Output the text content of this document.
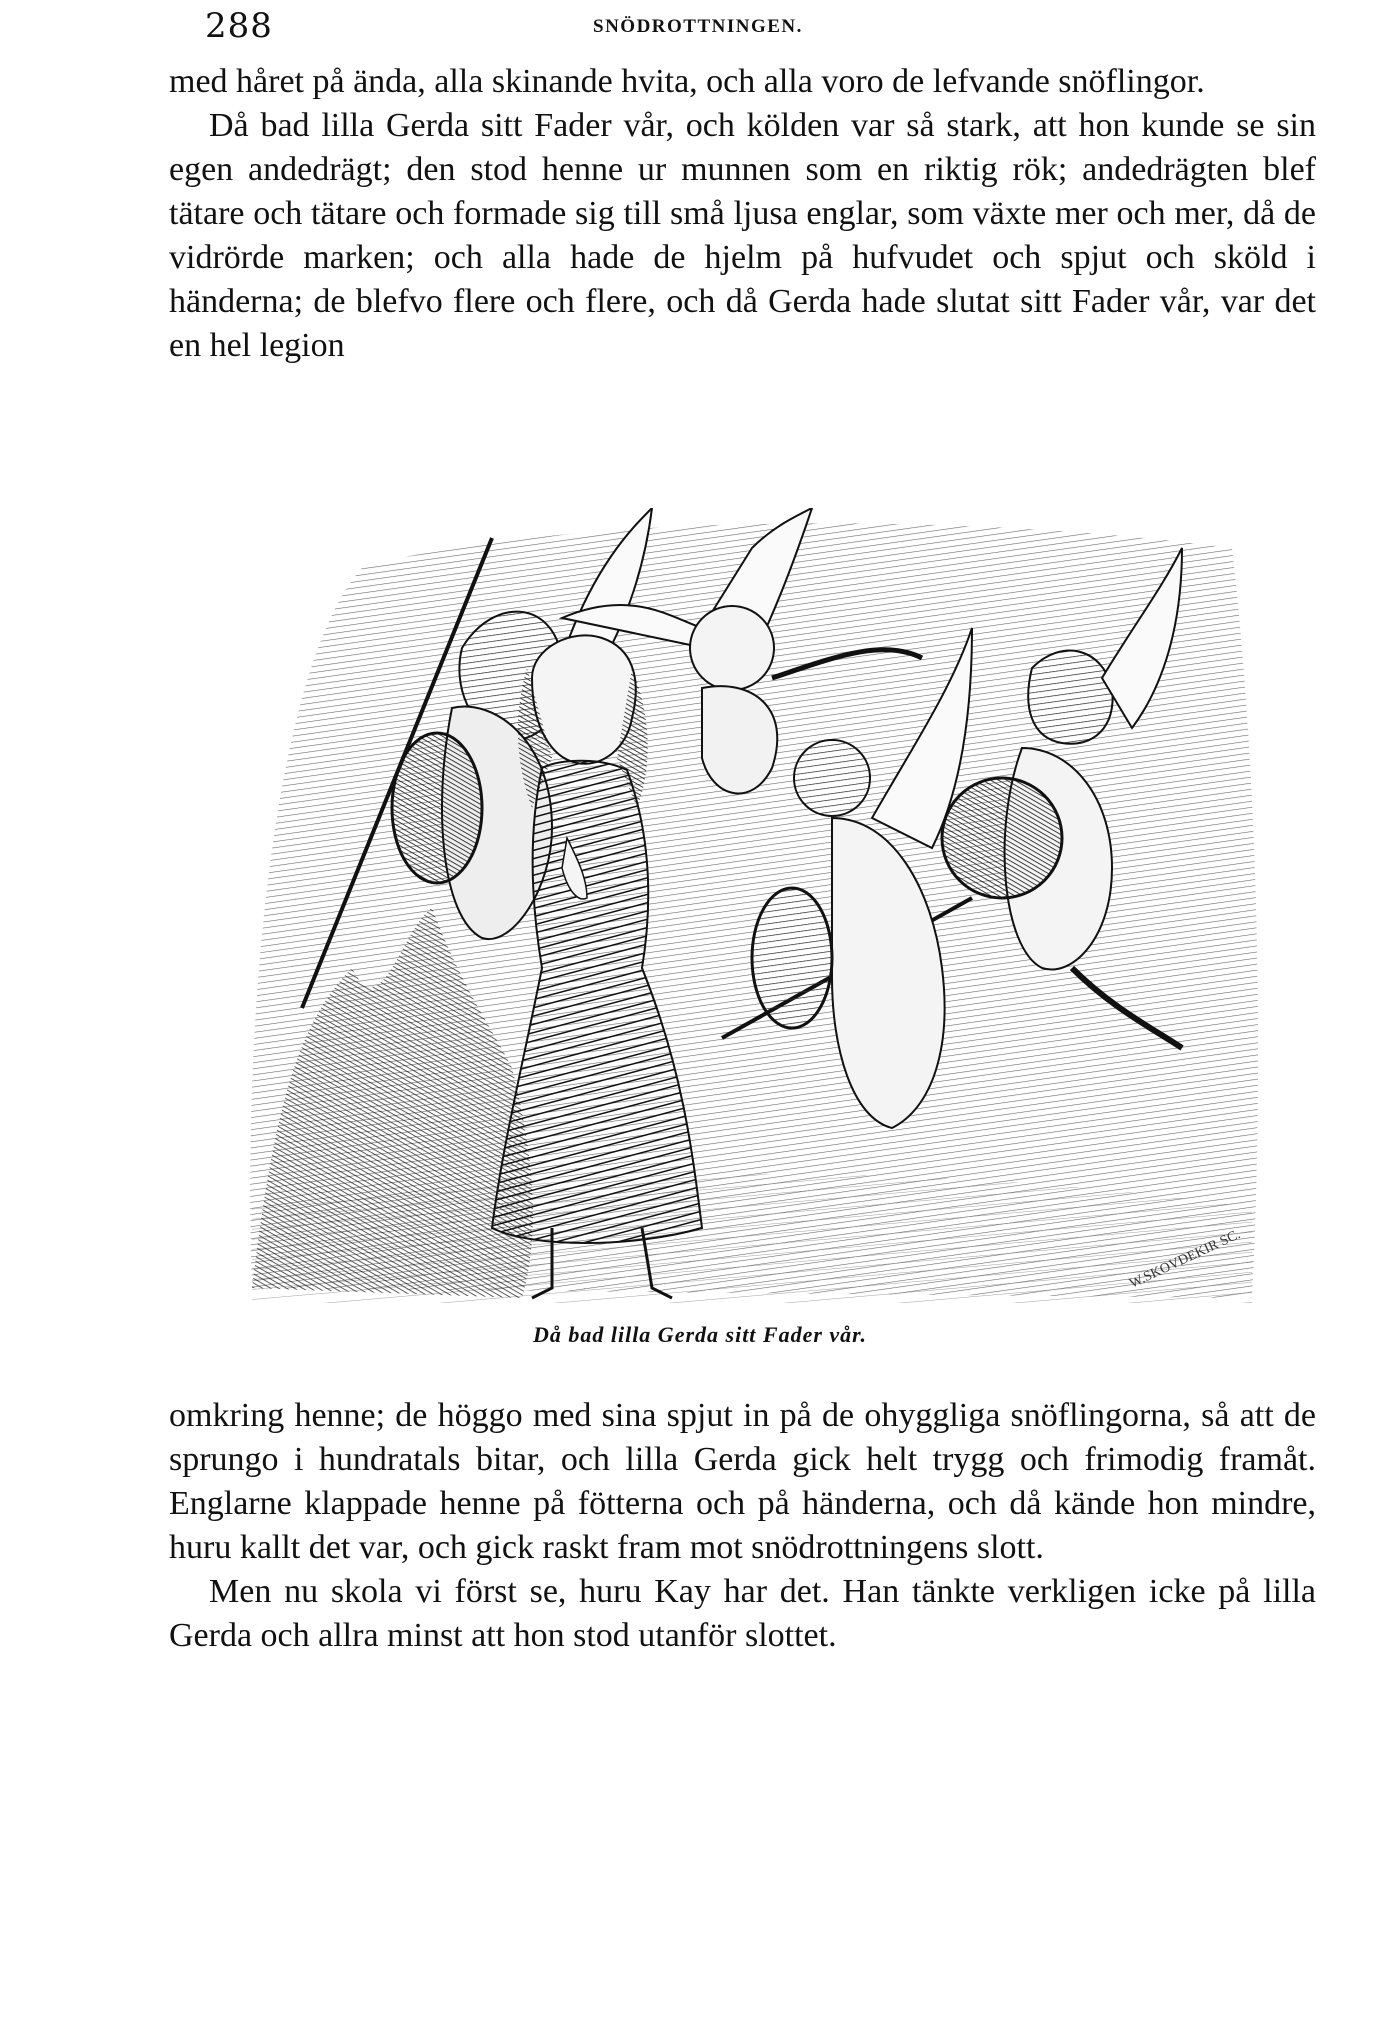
288	SNÖDROTTNINGEN.

med håret på ända, alla skinande hvita, och alla voro de lefvande snöflingor.

Då bad lilla Gerda sitt Fader vår, och kölden var så stark, att hon kunde se sin egen andedrägt; den stod henne ur munnen som en riktig rök; andedrägten blef tätare och tätare och formade sig till små ljusa englar, som växte mer och mer, då de vidrörde marken; och alla hade de hjelm på hufvudet och spjut och sköld i händerna; de blefvo flere och flere, och då Gerda hade slutat sitt Fader vår, var det en hel legion

W.SKOVDEKIR SC.
Då bad lilla Gerda sitt Fader vår.

omkring henne; de höggo med sina spjut in på de ohyggliga snöflingorna, så att de sprungo i hundratals bitar, och lilla Gerda gick helt trygg och frimodig framåt. Englarne klappade henne på fötterna och på händerna, och då kände hon mindre, huru kallt det var, och gick raskt fram mot snödrottningens slott.

Men nu skola vi först se, huru Kay har det. Han tänkte verkligen icke på lilla Gerda och allra minst att hon stod utanför slottet.
